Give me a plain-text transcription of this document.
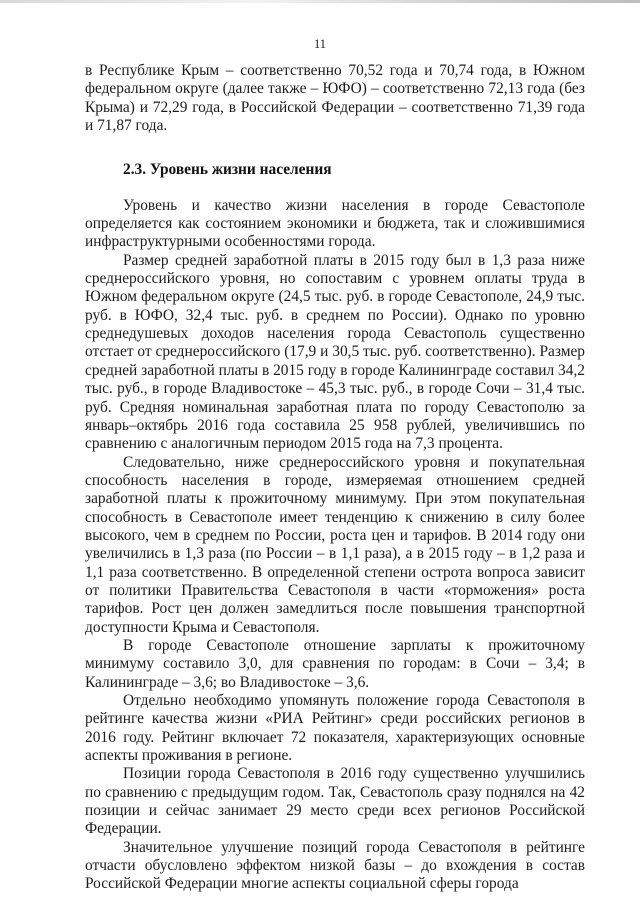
11

в Республике Крым – соответственно 70,52 года и 70,74 года, в Южном федеральном округе (далее также – ЮФО) – соответственно 72,13 года (без Крыма) и 72,29 года, в Российской Федерации – соответственно 71,39 года и 71,87 года.

2.3. Уровень жизни населения

Уровень и качество жизни населения в городе Севастополе определяется как состоянием экономики и бюджета, так и сложившимися инфраструктурными особенностями города.

Размер средней заработной платы в 2015 году был в 1,3 раза ниже среднероссийского уровня, но сопоставим с уровнем оплаты труда в Южном федеральном округе (24,5 тыс. руб. в городе Севастополе, 24,9 тыс. руб. в ЮФО, 32,4 тыс. руб. в среднем по России). Однако по уровню среднедушевых доходов населения города Севастополь существенно отстает от среднероссийского (17,9 и 30,5 тыс. руб. соответственно). Размер средней заработной платы в 2015 году в городе Калининграде составил 34,2 тыс. руб., в городе Владивостоке – 45,3 тыс. руб., в городе Сочи – 31,4 тыс. руб. Средняя номинальная заработная плата по городу Севастополю за январь–октябрь 2016 года составила 25 958 рублей, увеличившись по сравнению с аналогичным периодом 2015 года на 7,3 процента.

Следовательно, ниже среднероссийского уровня и покупательная способность населения в городе, измеряемая отношением средней заработной платы к прожиточному минимуму. При этом покупательная способность в Севастополе имеет тенденцию к снижению в силу более высокого, чем в среднем по России, роста цен и тарифов. В 2014 году они увеличились в 1,3 раза (по России – в 1,1 раза), а в 2015 году – в 1,2 раза и 1,1 раза соответственно. В определенной степени острота вопроса зависит от политики Правительства Севастополя в части «торможения» роста тарифов. Рост цен должен замедлиться после повышения транспортной доступности Крыма и Севастополя.

В городе Севастополе отношение зарплаты к прожиточному минимуму составило 3,0, для сравнения по городам: в Сочи – 3,4; в Калининграде – 3,6; во Владивостоке – 3,6.

Отдельно необходимо упомянуть положение города Севастополя в рейтинге качества жизни «РИА Рейтинг» среди российских регионов в 2016 году. Рейтинг включает 72 показателя, характеризующих основные аспекты проживания в регионе.

Позиции города Севастополя в 2016 году существенно улучшились по сравнению с предыдущим годом. Так, Севастополь сразу поднялся на 42 позиции и сейчас занимает 29 место среди всех регионов Российской Федерации.

Значительное улучшение позиций города Севастополя в рейтинге отчасти обусловлено эффектом низкой базы – до вхождения в состав Российской Федерации многие аспекты социальной сферы города
